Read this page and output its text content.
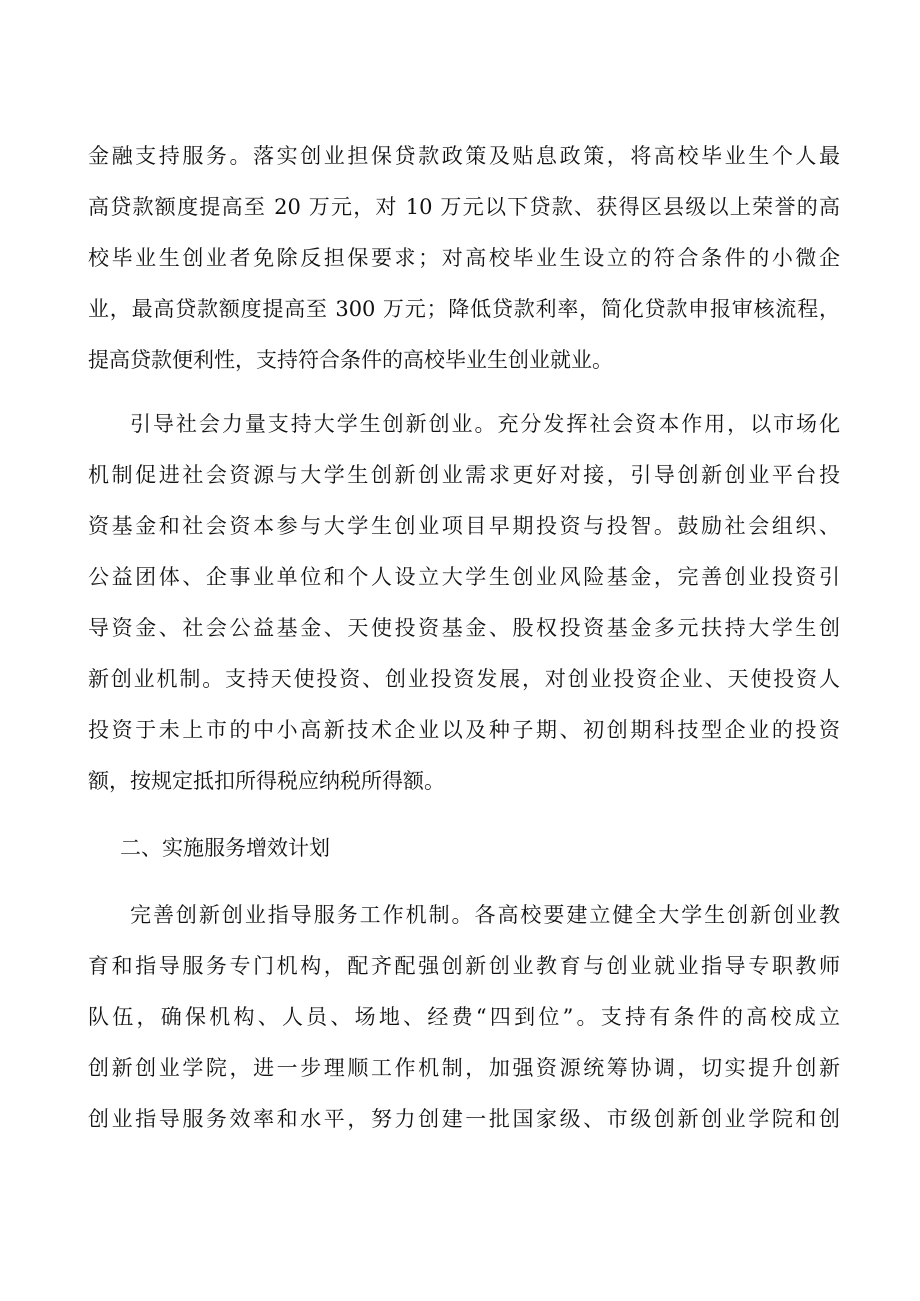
金融支持服务。落实创业担保贷款政策及贴息政策，将高校毕业生个人最
高贷款额度提高至 20 万元，对 10 万元以下贷款、获得区县级以上荣誉的高
校毕业生创业者免除反担保要求；对高校毕业生设立的符合条件的小微企
业，最高贷款额度提高至 300 万元；降低贷款利率，简化贷款申报审核流程，
提高贷款便利性，支持符合条件的高校毕业生创业就业。
引导社会力量支持大学生创新创业。充分发挥社会资本作用，以市场化
机制促进社会资源与大学生创新创业需求更好对接，引导创新创业平台投
资基金和社会资本参与大学生创业项目早期投资与投智。鼓励社会组织、
公益团体、企事业单位和个人设立大学生创业风险基金，完善创业投资引
导资金、社会公益基金、天使投资基金、股权投资基金多元扶持大学生创
新创业机制。支持天使投资、创业投资发展，对创业投资企业、天使投资人
投资于未上市的中小高新技术企业以及种子期、初创期科技型企业的投资
额，按规定抵扣所得税应纳税所得额。
二、实施服务增效计划
完善创新创业指导服务工作机制。各高校要建立健全大学生创新创业教
育和指导服务专门机构，配齐配强创新创业教育与创业就业指导专职教师
队伍，确保机构、人员、场地、经费“四到位”。支持有条件的高校成立
创新创业学院，进一步理顺工作机制，加强资源统筹协调，切实提升创新
创业指导服务效率和水平，努力创建一批国家级、市级创新创业学院和创
